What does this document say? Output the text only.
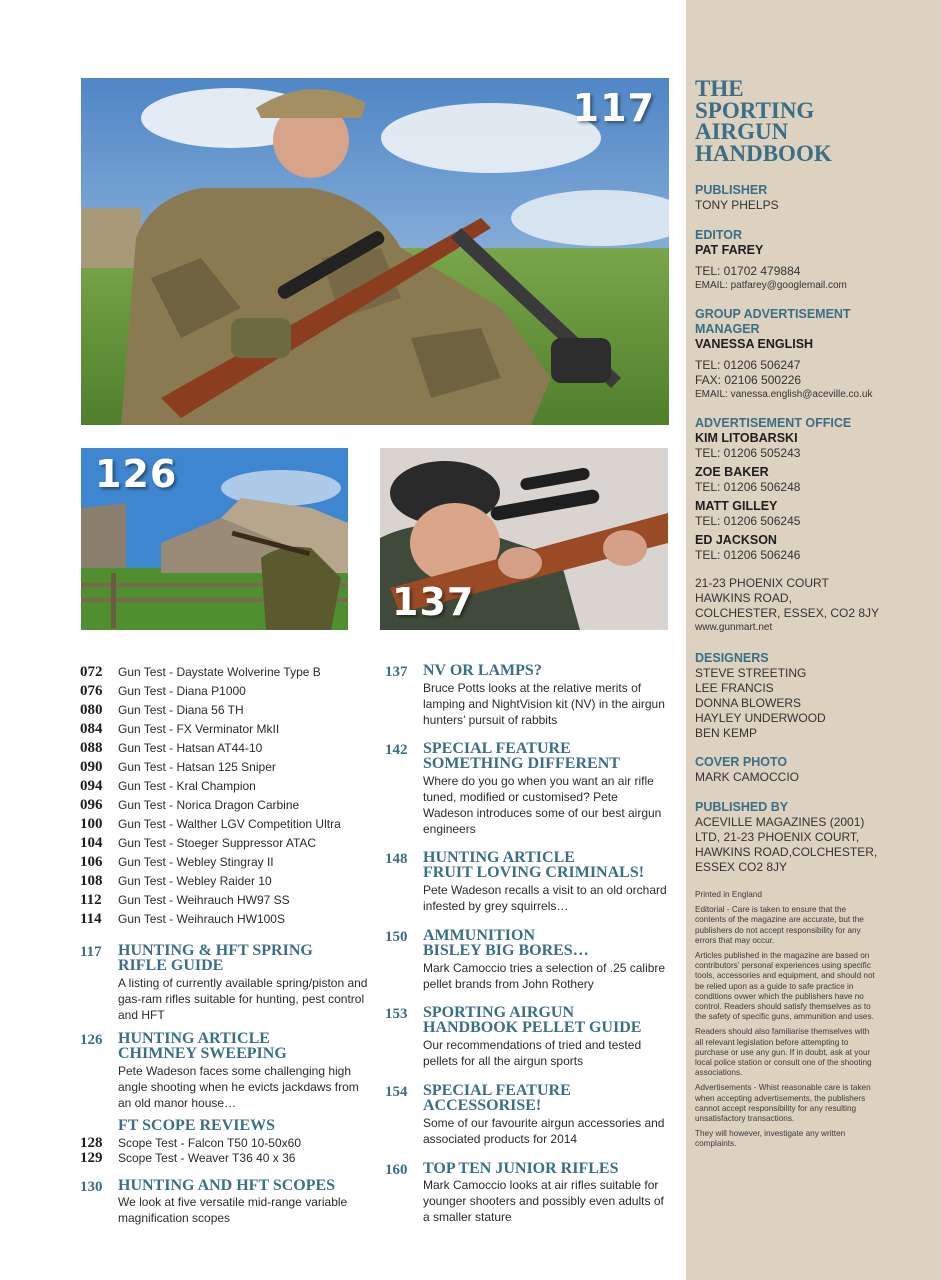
THE
SPORTING
AIRGUN
HANDBOOK
PUBLISHER
TONY PHELPS
EDITOR
PAT FAREY
TEL: 01702 479884
EMAIL: patfarey@googlemail.com
GROUP ADVERTISEMENT
MANAGER
VANESSA ENGLISH
TEL: 01206 506247
FAX: 02106 500226
EMAIL: vanessa.english@aceville.co.uk
ADVERTISEMENT OFFICE
KIM LITOBARSKI
TEL: 01206 505243
ZOE BAKER
TEL: 01206 506248
MATT GILLEY
TEL: 01206 506245
ED JACKSON
TEL: 01206 506246
21-23 PHOENIX COURT
HAWKINS ROAD,
COLCHESTER, ESSEX, CO2 8JY
www.gunmart.net
DESIGNERS
STEVE STREETING
LEE FRANCIS
DONNA BLOWERS
HAYLEY UNDERWOOD
BEN KEMP
COVER PHOTO
MARK CAMOCCIO
PUBLISHED BY
ACEVILLE MAGAZINES (2001)
LTD, 21-23 PHOENIX COURT,
HAWKINS ROAD,COLCHESTER,
ESSEX CO2 8JY

Printed in England

Editorial - Care is taken to ensure that the contents of the magazine are accurate, but the publishers do not accept responsibility for any errors that may occur.

Articles published in the magazine are based on contributors’ personal experiences using specific tools, accessories and equipment, and should not be relied upon as a guide to safe practice in conditions ovwer which the publishers have no control. Readers should satisfy themselves as to the safety of specific guns, ammunition and uses.

Readers should also familiarise themselves with all relevant legislation before attempting to purchase or use any gun. If in doubt, ask at your local police station or consult one of the shooting associations.

Advertisements - Whist reasonable care is taken when accepting advertisements, the publishers cannot accept responsibility for any resulting unsatisfactory transactions.

They will however, investigate any written complaints.

117
126
137
072	Gun Test - Daystate Wolverine Type B
076	Gun Test - Diana P1000
080	Gun Test - Diana 56 TH
084	Gun Test - FX Verminator MkII
088	Gun Test - Hatsan AT44-10
090	Gun Test - Hatsan 125 Sniper
094	Gun Test - Kral Champion
096	Gun Test - Norica Dragon Carbine
100	Gun Test - Walther LGV Competition Ultra
104	Gun Test - Stoeger Suppressor ATAC
106	Gun Test - Webley Stingray II
108	Gun Test - Webley Raider 10
112	Gun Test - Weihrauch HW97 SS
114	Gun Test - Weihrauch HW100S
117	HUNTING & HFT SPRING
RIFLE GUIDE
A listing of currently available spring/piston and gas-ram rifles suitable for hunting, pest control and HFT
126 HUNTING ARTICLE
CHIMNEY SWEEPING
Pete Wadeson faces some challenging high angle shooting when he evicts jackdaws from an old manor house…
FT SCOPE REVIEWS
128	Scope Test - Falcon T50 10-50x60
129	Scope Test - Weaver T36 40 x 36
130 HUNTING AND HFT SCOPES
We look at five versatile mid-range variable magnification scopes
137 NV OR LAMPS?
Bruce Potts looks at the relative merits of lamping and NightVision kit (NV) in the airgun hunters’ pursuit of rabbits
142 SPECIAL FEATURE
SOMETHING DIFFERENT
Where do you go when you want an air rifle tuned, modified or customised? Pete Wadeson introduces some of our best airgun engineers
148 HUNTING ARTICLE
FRUIT LOVING CRIMINALS!
Pete Wadeson recalls a visit to an old orchard infested by grey squirrels…
150 AMMUNITION
BISLEY BIG BORES…
Mark Camoccio tries a selection of .25 calibre pellet brands from John Rothery
153 SPORTING AIRGUN
HANDBOOK PELLET GUIDE
Our recommendations of tried and tested pellets for all the airgun sports
154 SPECIAL FEATURE
ACCESSORISE!
Some of our favourite airgun accessories and associated products for 2014
160 TOP TEN JUNIOR RIFLES
Mark Camoccio looks at air rifles suitable for younger shooters and possibly even adults of a smaller stature
